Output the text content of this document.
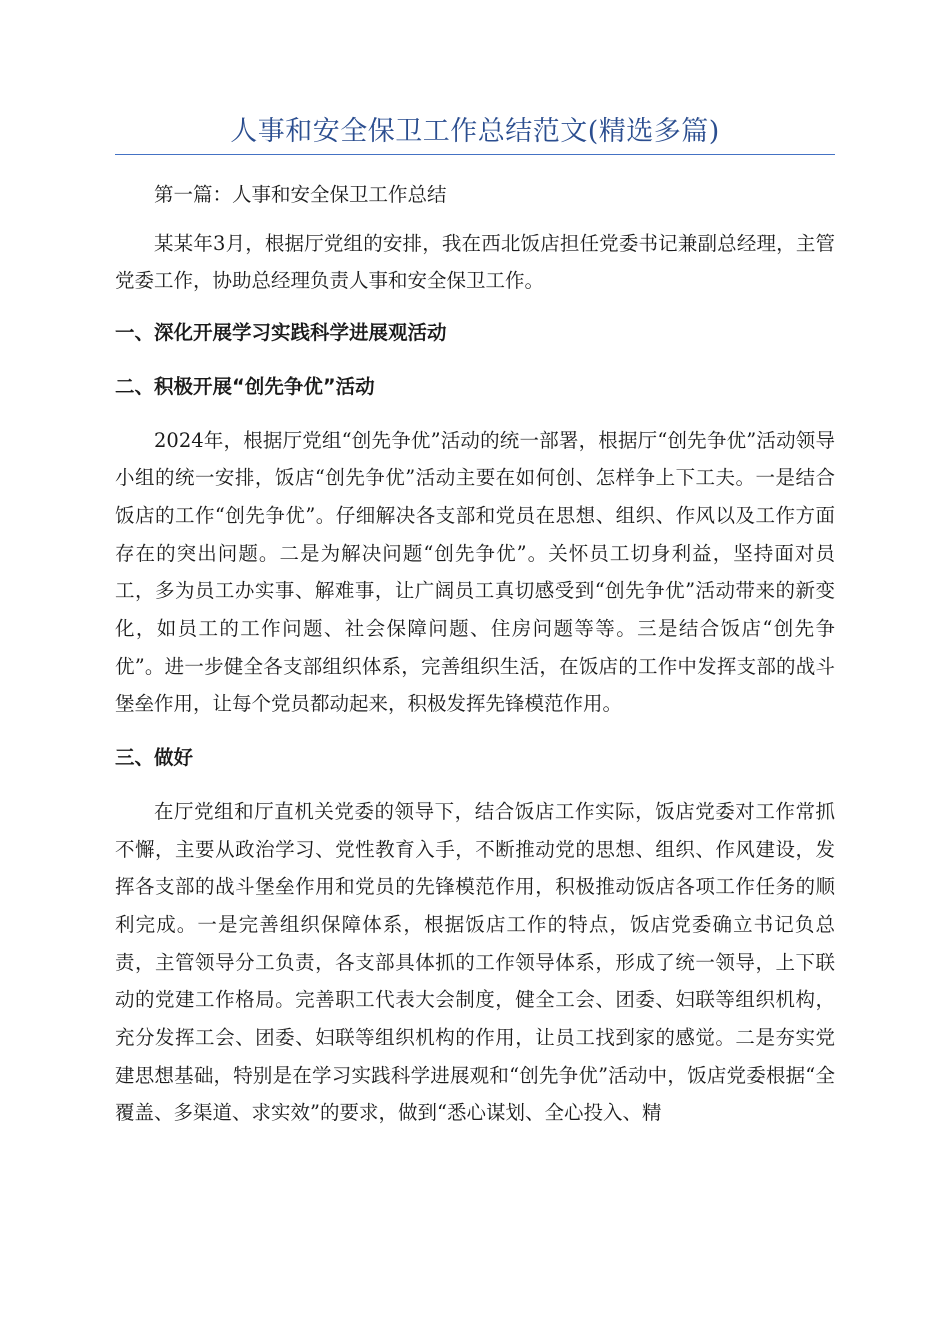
人事和安全保卫工作总结范文(精选多篇)

第一篇：人事和安全保卫工作总结

某某年3月，根据厅党组的安排，我在西北饭店担任党委书记兼副总经理，主管党委工作，协助总经理负责人事和安全保卫工作。

一、深化开展学习实践科学进展观活动

二、积极开展“创先争优”活动

2024年，根据厅党组“创先争优”活动的统一部署，根据厅“创先争优”活动领导小组的统一安排，饭店“创先争优”活动主要在如何创、怎样争上下工夫。一是结合饭店的工作“创先争优”。仔细解决各支部和党员在思想、组织、作风以及工作方面存在的突出问题。二是为解决问题“创先争优”。关怀员工切身利益，坚持面对员工，多为员工办实事、解难事，让广阔员工真切感受到“创先争优”活动带来的新变化，如员工的工作问题、社会保障问题、住房问题等等。三是结合饭店“创先争优”。进一步健全各支部组织体系，完善组织生活，在饭店的工作中发挥支部的战斗堡垒作用，让每个党员都动起来，积极发挥先锋模范作用。

三、做好

在厅党组和厅直机关党委的领导下，结合饭店工作实际，饭店党委对工作常抓不懈，主要从政治学习、党性教育入手，不断推动党的思想、组织、作风建设，发挥各支部的战斗堡垒作用和党员的先锋模范作用，积极推动饭店各项工作任务的顺利完成。一是完善组织保障体系，根据饭店工作的特点，饭店党委确立书记负总责，主管领导分工负责，各支部具体抓的工作领导体系，形成了统一领导，上下联动的党建工作格局。完善职工代表大会制度，健全工会、团委、妇联等组织机构，充分发挥工会、团委、妇联等组织机构的作用，让员工找到家的感觉。二是夯实党建思想基础，特别是在学习实践科学进展观和“创先争优”活动中，饭店党委根据“全覆盖、多渠道、求实效”的要求，做到“悉心谋划、全心投入、精
